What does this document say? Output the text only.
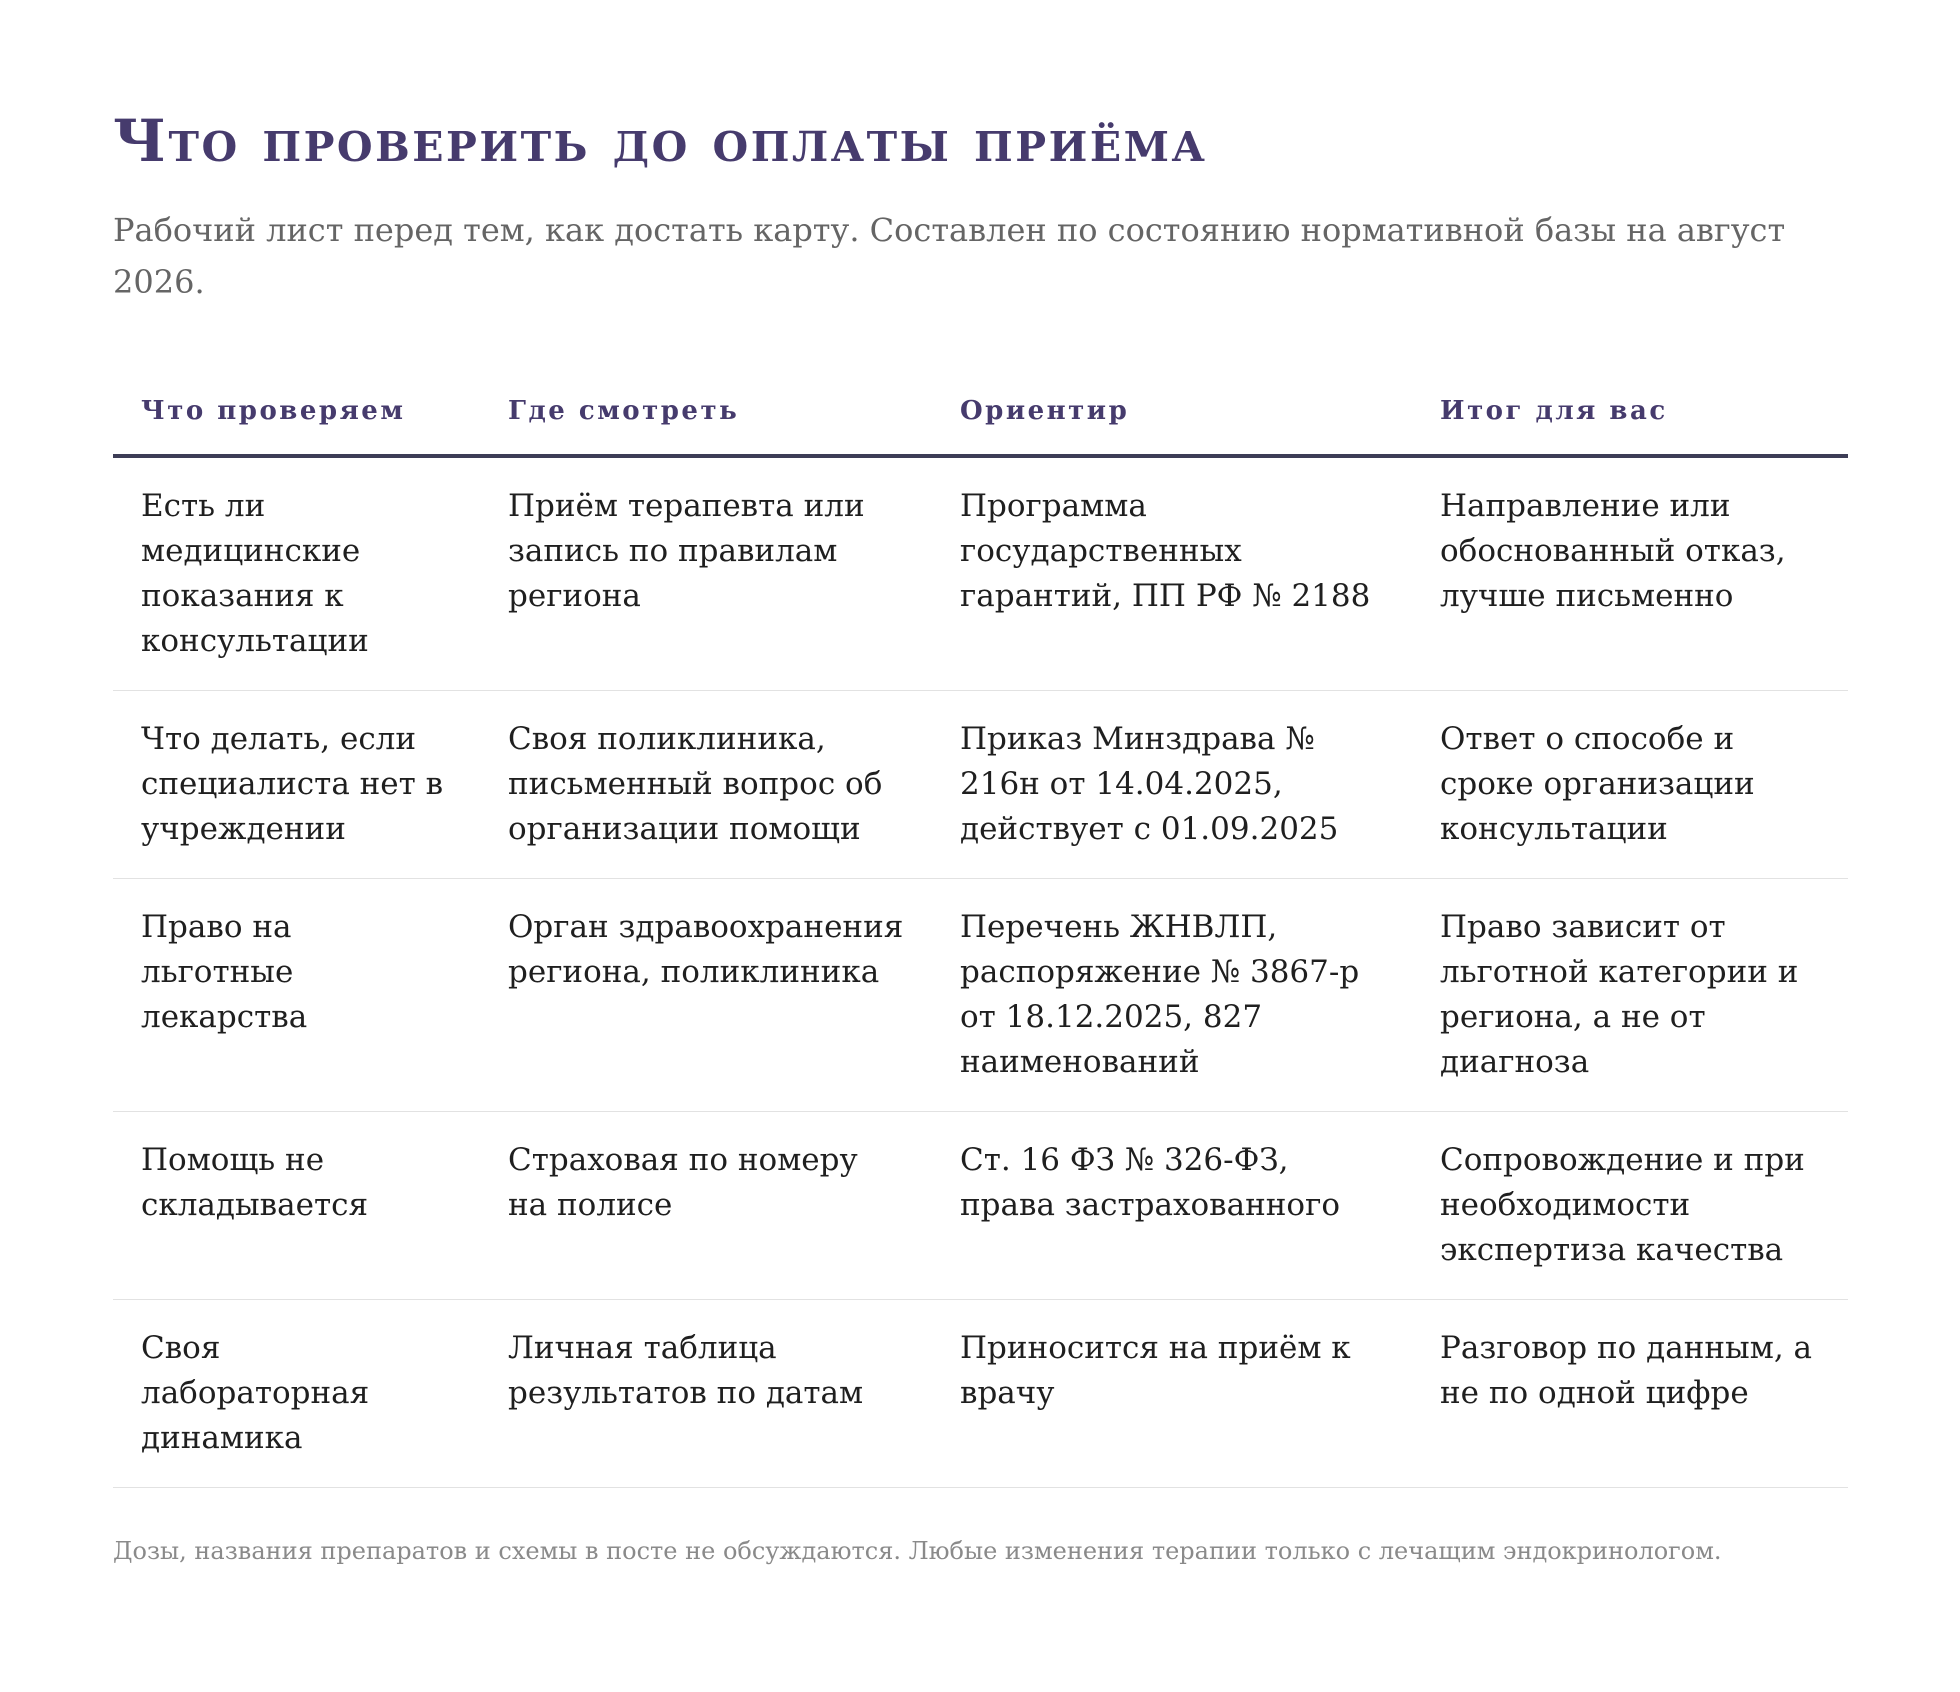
Что проверить до оплаты приёма

Рабочий лист перед тем, как достать карту. Составлен по состоянию нормативной базы на август 2026.

Что проверяем	Где смотреть	Ориентир	Итог для вас
Есть ли медицинские показания к консультации	Приём терапевта или запись по правилам региона	Программа государственных гарантий, ПП РФ № 2188	Направление или обоснованный отказ, лучше письменно
Что делать, если специалиста нет в учреждении	Своя поликлиника, письменный вопрос об организации помощи	Приказ Минздрава № 216н от 14.04.2025, действует с 01.09.2025	Ответ о способе и сроке организации консультации
Право на льготные лекарства	Орган здравоохранения региона, поликлиника	Перечень ЖНВЛП, распоряжение № 3867-р от 18.12.2025, 827 наименований	Право зависит от льготной категории и региона, а не от диагноза
Помощь не складывается	Страховая по номеру на полисе	Ст. 16 ФЗ № 326-ФЗ, права застрахованного	Сопровождение и при необходимости экспертиза качества
Своя лабораторная динамика	Личная таблица результатов по датам	Приносится на приём к врачу	Разговор по данным, а не по одной цифре

Дозы, названия препаратов и схемы в посте не обсуждаются. Любые изменения терапии только с лечащим эндокринологом.
